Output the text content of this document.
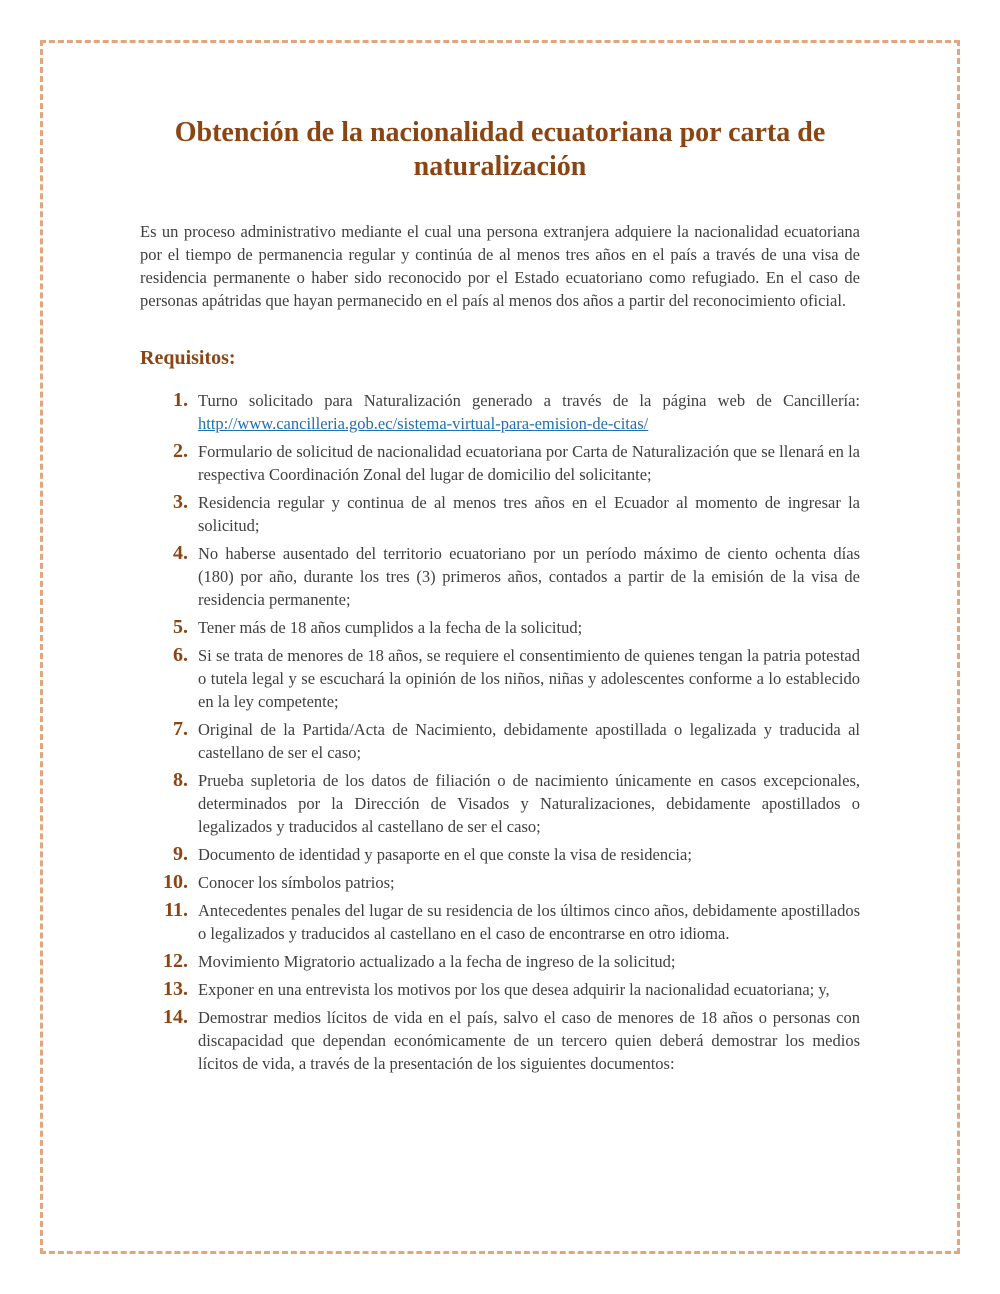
Obtención de la nacionalidad ecuatoriana por carta de naturalización

Es un proceso administrativo mediante el cual una persona extranjera adquiere la nacionalidad ecuatoriana por el tiempo de permanencia regular y continúa de al menos tres años en el país a través de una visa de residencia permanente o haber sido reconocido por el Estado ecuatoriano como refugiado. En el caso de personas apátridas que hayan permanecido en el país al menos dos años a partir del reconocimiento oficial.

Requisitos:
1. Turno solicitado para Naturalización generado a través de la página web de Cancillería: http://www.cancilleria.gob.ec/sistema-virtual-para-emision-de-citas/
2. Formulario de solicitud de nacionalidad ecuatoriana por Carta de Naturalización que se llenará en la respectiva Coordinación Zonal del lugar de domicilio del solicitante;
3. Residencia regular y continua de al menos tres años en el Ecuador al momento de ingresar la solicitud;
4. No haberse ausentado del territorio ecuatoriano por un período máximo de ciento ochenta días (180) por año, durante los tres (3) primeros años, contados a partir de la emisión de la visa de residencia permanente;
5. Tener más de 18 años cumplidos a la fecha de la solicitud;
6. Si se trata de menores de 18 años, se requiere el consentimiento de quienes tengan la patria potestad o tutela legal y se escuchará la opinión de los niños, niñas y adolescentes conforme a lo establecido en la ley competente;
7. Original de la Partida/Acta de Nacimiento, debidamente apostillada o legalizada y traducida al castellano de ser el caso;
8. Prueba supletoria de los datos de filiación o de nacimiento únicamente en casos excepcionales, determinados por la Dirección de Visados y Naturalizaciones, debidamente apostillados o legalizados y traducidos al castellano de ser el caso;
9. Documento de identidad y pasaporte en el que conste la visa de residencia;
10. Conocer los símbolos patrios;
11. Antecedentes penales del lugar de su residencia de los últimos cinco años, debidamente apostillados o legalizados y traducidos al castellano en el caso de encontrarse en otro idioma.
12. Movimiento Migratorio actualizado a la fecha de ingreso de la solicitud;
13. Exponer en una entrevista los motivos por los que desea adquirir la nacionalidad ecuatoriana; y,
14. Demostrar medios lícitos de vida en el país, salvo el caso de menores de 18 años o personas con discapacidad que dependan económicamente de un tercero quien deberá demostrar los medios lícitos de vida, a través de la presentación de los siguientes documentos:
